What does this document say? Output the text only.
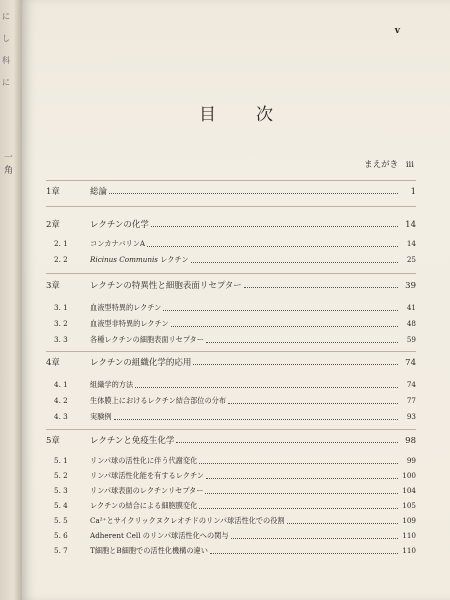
に
し
科
に
一 角
v
目次
まえがき iii
1章	総論	1
2章	レクチンの化学	14
2. 1	コンカナバリンA	14
2. 2	Ricinus Communis レクチン	25
3章	レクチンの特異性と細胞表面リセプター	39
3. 1	血液型特異的レクチン	41
3. 2	血液型非特異的レクチン	48
3. 3	各種レクチンの細胞表面リセプター	59
4章	レクチンの組織化学的応用	74
4. 1	組織学的方法	74
4. 2	生体膜上におけるレクチン結合部位の分布	77
4. 3	実験例	93
5章	レクチンと免疫生化学	98
5. 1	リンパ球の活性化に伴う代謝変化	99
5. 2	リンパ球活性化能を有するレクチン	100
5. 3	リンパ球表面のレクチンリセプター	104
5. 4	レクチンの結合による細胞膜変化	105
5. 5	Ca²⁺とサイクリックヌクレオチドのリンパ球活性化での役割	109
5. 6	Adherent Cell のリンパ球活性化への関与	110
5. 7	T細胞とB細胞での活性化機構の違い	110
